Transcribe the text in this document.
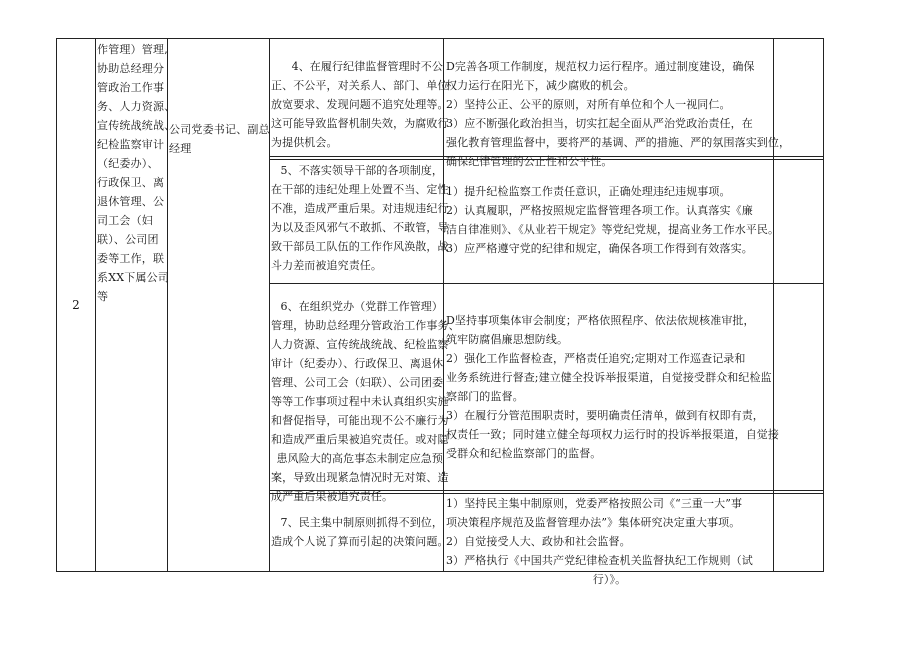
2

作管理）管理,

协助总经理分

管政治工作事

务、人力资源、

宣传统战统战、

纪检监察审计

（纪委办）、

行政保卫、离

退休管理、公

司工会（妇

联）、公司团

委等工作，联

系XX下属公司

等

公司党委书记、副总

经理

4、在履行纪律监督管理时不公

正、不公平，对关系人、部门、单位

放宽要求、发现问题不追究处理等。

这可能导致监督机制失效，为腐败行

为提供机会。

D完善各项工作制度，规范权力运行程序。通过制度建设，确保

权力运行在阳光下，减少腐败的机会。

2）坚持公正、公平的原则，对所有单位和个人一视同仁。

3）应不断强化政治担当，切实扛起全面从严治党政治责任，在

强化教育管理监督中，要将严的基调、严的措施、严的氛围落实到位，

确保纪律管理的公正性和公平性。

5、不落实领导干部的各项制度，

在干部的违纪处理上处置不当、定性

不准，造成严重后果。对违规违纪行

为以及歪风邪气不敢抓、不敢管，导

致干部员工队伍的工作作风涣散，战

斗力差而被追究责任。

1）提升纪检监察工作责任意识，正确处理违纪违规事项。

2）认真履职，严格按照规定监督管理各项工作。认真落实《廉

洁自律准则》、《从业若干规定》等党纪党规，提高业务工作水平民。

3）应严格遵守党的纪律和规定，确保各项工作得到有效落实。

6、在组织党办（党群工作管理）

管理，协助总经理分管政治工作事务、

人力资源、宣传统战统战、纪检监察

审计（纪委办）、行政保卫、离退休

管理、公司工会（妇联）、公司团委

等等工作事项过程中未认真组织实施

和督促指导，可能出现不公不廉行为

和造成严重后果被追究责任。或对隐

患风险大的高危事态未制定应急预

案，导致出现紧急情况时无对策、造

成严重后果被追究责任。

D坚持事项集体审会制度；严格依照程序、依法依规核准审批，

筑牢防腐倡廉思想防线。

2）强化工作监督检查，严格责任追究;定期对工作巡查记录和

业务系统进行督查;建立健全投诉举报渠道，自觉接受群众和纪检监

察部门的监督。

3）在履行分管范围职责时，要明确责任清单，做到有权即有责，

权责任一致；同时建立健全每项权力运行时的投诉举报渠道，自觉接

受群众和纪检监察部门的监督。

7、民主集中制原则抓得不到位，

造成个人说了算而引起的决策问题。

1）坚持民主集中制原则，党委严格按照公司《“三重一大”事

项决策程序规范及监督管理办法”》集体研究决定重大事项。

2）自觉接受人大、政协和社会监督。

3）严格执行《中国共产党纪律检查机关监督执纪工作规则（试

行）》。
